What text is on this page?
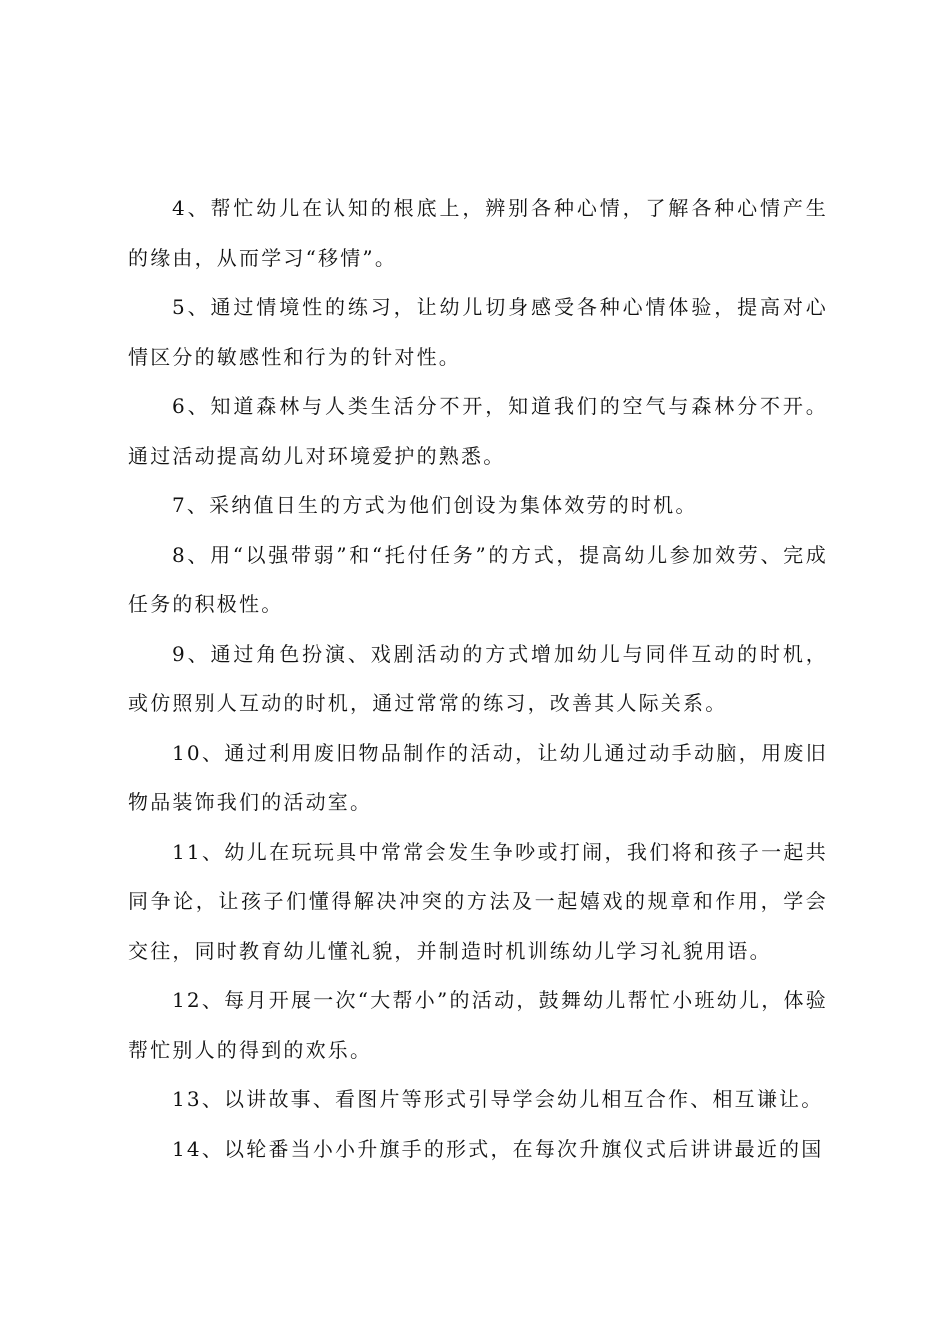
4、帮忙幼儿在认知的根底上，辨别各种心情，了解各种心情产生的缘由，从而学习“移情”。

5、通过情境性的练习，让幼儿切身感受各种心情体验，提高对心情区分的敏感性和行为的针对性。

6、知道森林与人类生活分不开，知道我们的空气与森林分不开。通过活动提高幼儿对环境爱护的熟悉。

7、采纳值日生的方式为他们创设为集体效劳的时机。

8、用“以强带弱”和“托付任务”的方式，提高幼儿参加效劳、完成任务的积极性。

9、通过角色扮演、戏剧活动的方式增加幼儿与同伴互动的时机，或仿照别人互动的时机，通过常常的练习，改善其人际关系。

10、通过利用废旧物品制作的活动，让幼儿通过动手动脑，用废旧物品装饰我们的活动室。

11、幼儿在玩玩具中常常会发生争吵或打闹，我们将和孩子一起共同争论，让孩子们懂得解决冲突的方法及一起嬉戏的规章和作用，学会交往，同时教育幼儿懂礼貌，并制造时机训练幼儿学习礼貌用语。

12、每月开展一次“大帮小”的活动，鼓舞幼儿帮忙小班幼儿，体验帮忙别人的得到的欢乐。

13、以讲故事、看图片等形式引导学会幼儿相互合作、相互谦让。

14、以轮番当小小升旗手的形式，在每次升旗仪式后讲讲最近的国
